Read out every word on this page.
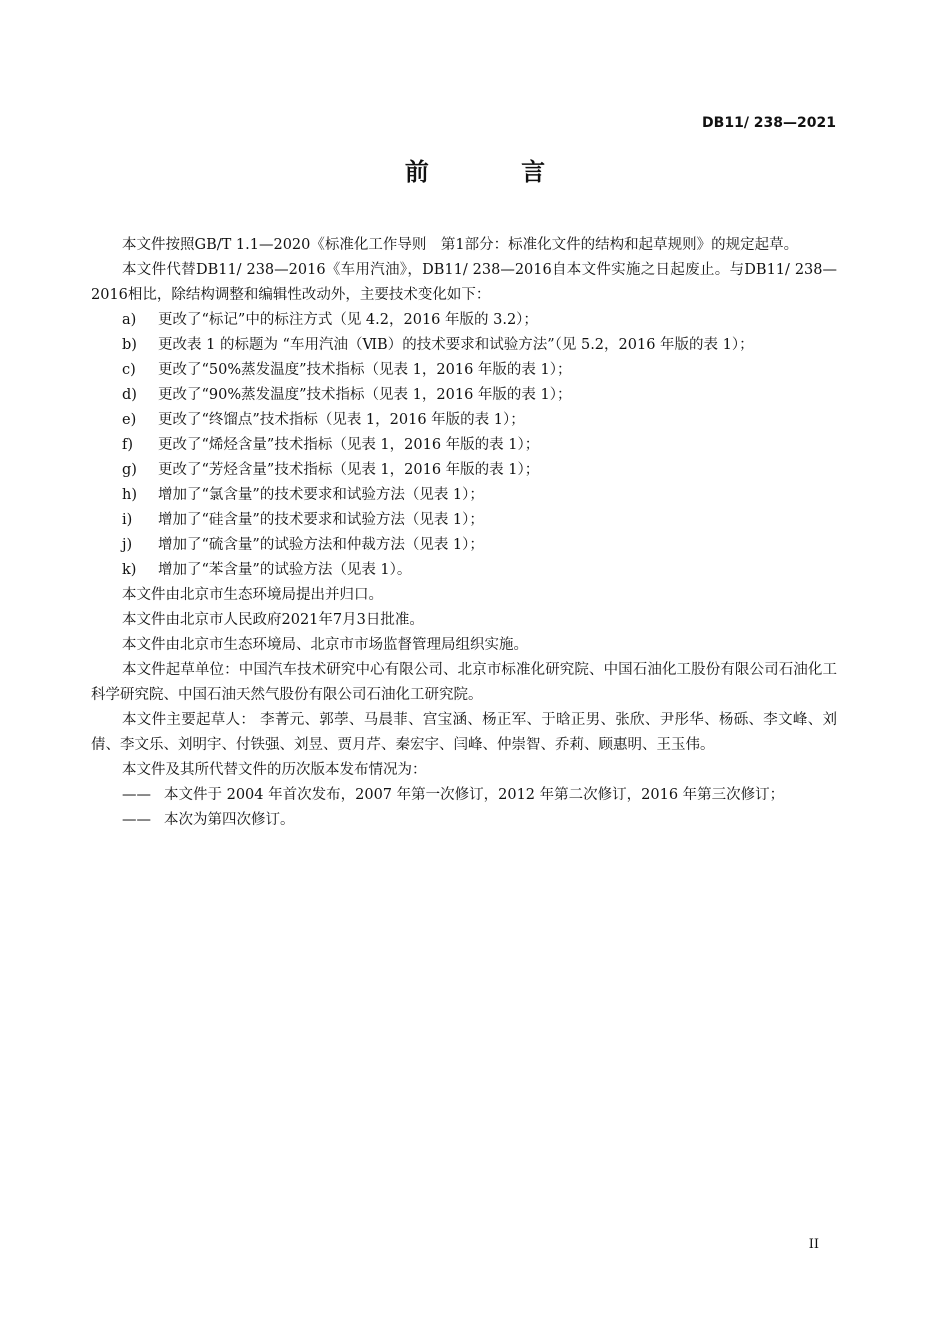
DB11/ 238—2021
前 言

本文件按照GB/T 1.1—2020《标准化工作导则　第1部分：标准化文件的结构和起草规则》的规定起草。

本文件代替DB11/ 238—2016《车用汽油》，DB11/ 238—2016自本文件实施之日起废止。与DB11/ 238—2016相比，除结构调整和编辑性改动外，主要技术变化如下：

a) 更改了“标记”中的标注方式（见 4.2，2016 年版的 3.2）；

b) 更改表 1 的标题为 “车用汽油（ⅥB）的技术要求和试验方法”（见 5.2，2016 年版的表 1）；

c) 更改了“50%蒸发温度”技术指标（见表 1，2016 年版的表 1）；

d) 更改了“90%蒸发温度”技术指标（见表 1，2016 年版的表 1）；

e) 更改了“终馏点”技术指标（见表 1，2016 年版的表 1）；

f) 更改了“烯烃含量”技术指标（见表 1，2016 年版的表 1）；

g) 更改了“芳烃含量”技术指标（见表 1，2016 年版的表 1）；

h) 增加了“氯含量”的技术要求和试验方法（见表 1）；

i) 增加了“硅含量”的技术要求和试验方法（见表 1）；

j) 增加了“硫含量”的试验方法和仲裁方法（见表 1）；

k) 增加了“苯含量”的试验方法（见表 1）。

本文件由北京市生态环境局提出并归口。

本文件由北京市人民政府2021年7月3日批准。

本文件由北京市生态环境局、北京市市场监督管理局组织实施。

本文件起草单位：中国汽车技术研究中心有限公司、北京市标准化研究院、中国石油化工股份有限公司石油化工科学研究院、中国石油天然气股份有限公司石油化工研究院。

本文件主要起草人： 李菁元、郭荸、马晨菲、宫宝涵、杨正军、于晗正男、张欣、尹彤华、杨砾、李文峰、刘倩、李文乐、刘明宇、付铁强、刘昱、贾月芹、秦宏宇、闫峰、仲崇智、乔莉、顾惠明、王玉伟。

本文件及其所代替文件的历次版本发布情况为：

—— 本文件于 2004 年首次发布，2007 年第一次修订，2012 年第二次修订，2016 年第三次修订；

—— 本次为第四次修订。

II
